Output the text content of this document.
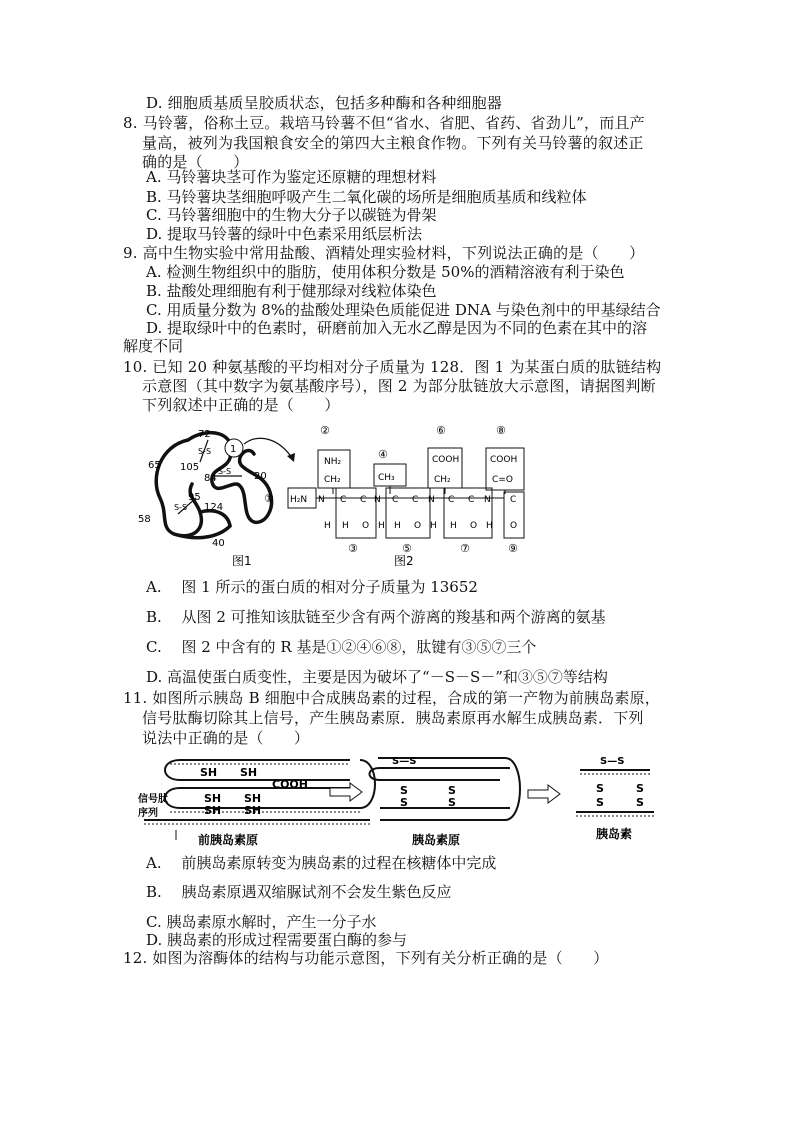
D. 细胞质基质呈胶质状态，包括多种酶和各种细胞器
8. 马铃薯，俗称土豆。栽培马铃薯不但“省水、省肥、省药、省劲儿”，而且产
量高，被列为我国粮食安全的第四大主粮食作物。下列有关马铃薯的叙述正
确的是（　　）
A. 马铃薯块茎可作为鉴定还原糖的理想材料
B. 马铃薯块茎细胞呼吸产生二氧化碳的场所是细胞质基质和线粒体
C. 马铃薯细胞中的生物大分子以碳链为骨架
D. 提取马铃薯的绿叶中色素采用纸层析法
9. 高中生物实验中常用盐酸、酒精处理实验材料，下列说法正确的是（　　）
A. 检测生物组织中的脂肪，使用体积分数是 50%的酒精溶液有利于染色
B. 盐酸处理细胞有利于健那绿对线粒体染色
C. 用质量分数为 8%的盐酸处理染色质能促进 DNA 与染色剂中的甲基绿结合
D. 提取绿叶中的色素时，研磨前加入无水乙醇是因为不同的色素在其中的溶
解度不同
10. 已知 20 种氨基酸的平均相对分子质量为 128．图 1 为某蛋白质的肽链结构
示意图（其中数字为氨基酸序号），图 2 为部分肽链放大示意图，请据图判断
下列叙述中正确的是（　　）
72
65 105
84	20
95
124
58
40
S-S
S-S
S-S
1
图1
②
④
⑥	⑧
①
③	⑤	⑦	⑨
H₂N
NH₂
CH₂	CH₃
COOH
CH₂
COOH
C=O
N C C N C C N C C N C
H H O H H O H H O H O
图2
A.　 图 1 所示的蛋白质的相对分子质量为 13652
B.　 从图 2 可推知该肽链至少含有两个游离的羧基和两个游离的氨基
C.　 图 2 中含有的 R 基是①②④⑥⑧，肽键有③⑤⑦三个
D. 高温使蛋白质变性，主要是因为破坏了“－S－S－”和③⑤⑦等结构
11. 如图所示胰岛 B 细胞中合成胰岛素的过程，合成的第一产物为前胰岛素原，
信号肽酶切除其上信号，产生胰岛素原．胰岛素原再水解生成胰岛素．下列
说法中正确的是（　　）
SH SH
COOH
SH SH
SH SH
信号肽
序列
前胰岛素原
S—S
S
S
S
S
胰岛素原
S—S
S
S
S
S
胰岛素
A.　 前胰岛素原转变为胰岛素的过程在核糖体中完成
B.　 胰岛素原遇双缩脲试剂不会发生紫色反应
C. 胰岛素原水解时，产生一分子水
D. 胰岛素的形成过程需要蛋白酶的参与
12. 如图为溶酶体的结构与功能示意图，下列有关分析正确的是（　　）
